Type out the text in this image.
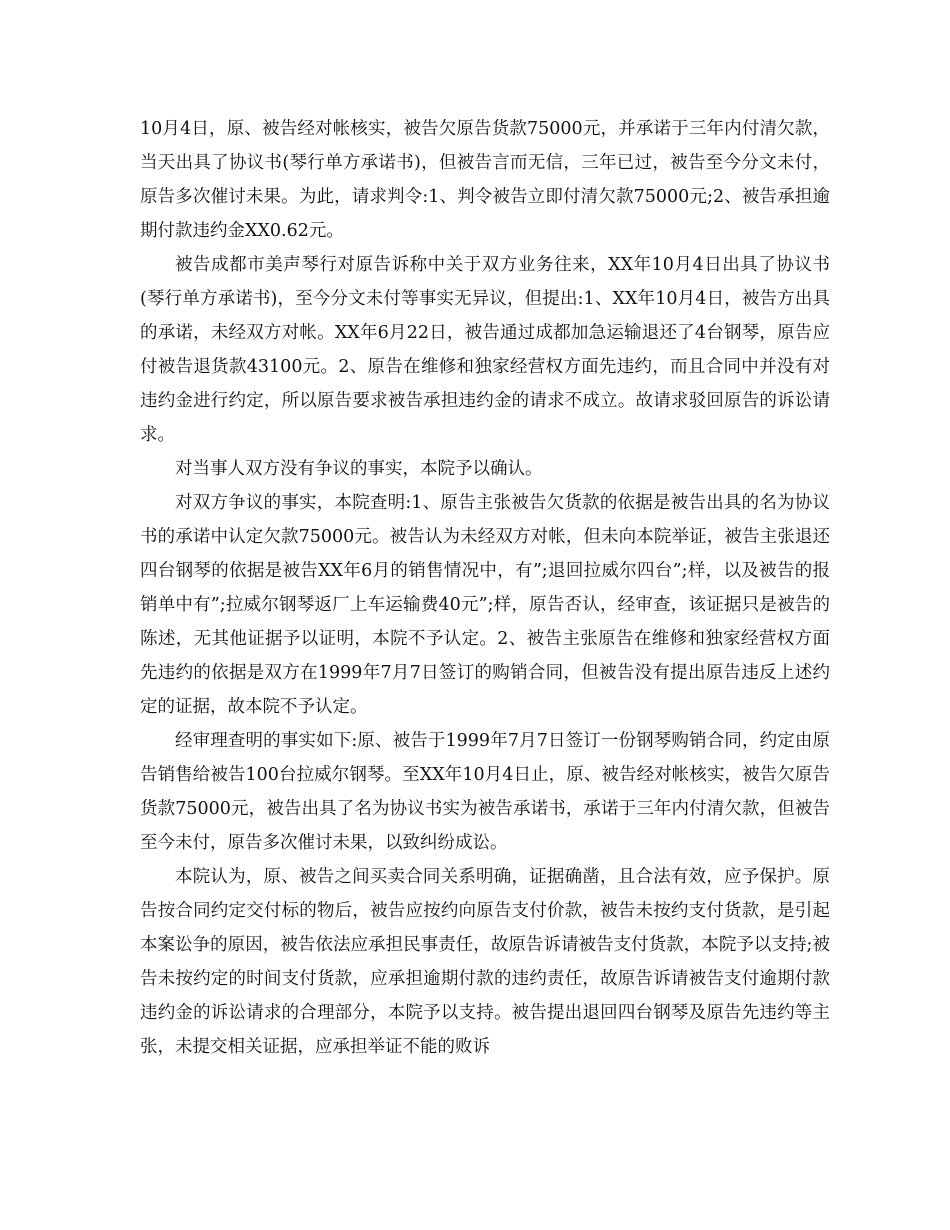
10月4日，原、被告经对帐核实，被告欠原告货款75000元，并承诺于三年内付清欠款，当天出具了协议书(琴行单方承诺书)，但被告言而无信，三年已过，被告至今分文未付，原告多次催讨未果。为此，请求判令:1、判令被告立即付清欠款75000元;2、被告承担逾期付款违约金XX0.62元。

被告成都市美声琴行对原告诉称中关于双方业务往来，XX年10月4日出具了协议书(琴行单方承诺书)，至今分文未付等事实无异议，但提出:1、XX年10月4日，被告方出具的承诺，未经双方对帐。XX年6月22日，被告通过成都加急运输退还了4台钢琴，原告应付被告退货款43100元。2、原告在维修和独家经营权方面先违约，而且合同中并没有对违约金进行约定，所以原告要求被告承担违约金的请求不成立。故请求驳回原告的诉讼请求。

对当事人双方没有争议的事实，本院予以确认。

对双方争议的事实，本院查明:1、原告主张被告欠货款的依据是被告出具的名为协议书的承诺中认定欠款75000元。被告认为未经双方对帐，但未向本院举证，被告主张退还四台钢琴的依据是被告XX年6月的销售情况中，有”;退回拉威尔四台”;样，以及被告的报销单中有”;拉威尔钢琴返厂上车运输费40元”;样，原告否认，经审查，该证据只是被告的陈述，无其他证据予以证明，本院不予认定。2、被告主张原告在维修和独家经营权方面先违约的依据是双方在1999年7月7日签订的购销合同，但被告没有提出原告违反上述约定的证据，故本院不予认定。

经审理查明的事实如下:原、被告于1999年7月7日签订一份钢琴购销合同，约定由原告销售给被告100台拉威尔钢琴。至XX年10月4日止，原、被告经对帐核实，被告欠原告货款75000元，被告出具了名为协议书实为被告承诺书，承诺于三年内付清欠款，但被告至今未付，原告多次催讨未果，以致纠纷成讼。

本院认为，原、被告之间买卖合同关系明确，证据确凿，且合法有效，应予保护。原告按合同约定交付标的物后，被告应按约向原告支付价款，被告未按约支付货款，是引起本案讼争的原因，被告依法应承担民事责任，故原告诉请被告支付货款，本院予以支持;被告未按约定的时间支付货款，应承担逾期付款的违约责任，故原告诉请被告支付逾期付款违约金的诉讼请求的合理部分，本院予以支持。被告提出退回四台钢琴及原告先违约等主张，未提交相关证据，应承担举证不能的败诉
